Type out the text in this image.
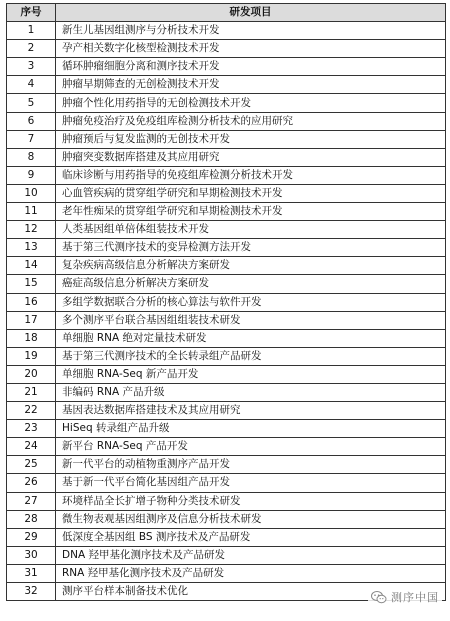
序号	研发项目
1	新生儿基因组测序与分析技术开发
2	孕产相关数字化核型检测技术开发
3	循环肿瘤细胞分离和测序技术开发
4	肿瘤早期筛查的无创检测技术开发
5	肿瘤个性化用药指导的无创检测技术开发
6	肿瘤免疫治疗及免疫组库检测分析技术的应用研究
7	肿瘤预后与复发监测的无创技术开发
8	肿瘤突变数据库搭建及其应用研究
9	临床诊断与用药指导的免疫组库检测分析技术开发
10	心血管疾病的贯穿组学研究和早期检测技术开发
11	老年性痴呆的贯穿组学研究和早期检测技术开发
12	人类基因组单倍体组装技术开发
13	基于第三代测序技术的变异检测方法开发
14	复杂疾病高级信息分析解决方案研发
15	癌症高级信息分析解决方案研发
16	多组学数据联合分析的核心算法与软件开发
17	多个测序平台联合基因组组装技术研发
18	单细胞 RNA 绝对定量技术研发
19	基于第三代测序技术的全长转录组产品研发
20	单细胞 RNA-Seq 新产品开发
21	非编码 RNA 产品升级
22	基因表达数据库搭建技术及其应用研究
23	HiSeq 转录组产品升级
24	新平台 RNA-Seq 产品开发
25	新一代平台的动植物重测序产品开发
26	基于新一代平台简化基因组产品开发
27	环境样品全长扩增子物种分类技术研发
28	微生物表观基因组测序及信息分析技术研发
29	低深度全基因组 BS 测序技术及产品研发
30	DNA 羟甲基化测序技术及产品研发
31	RNA 羟甲基化测序技术及产品研发
32	测序平台样本制备技术优化	测序中国
